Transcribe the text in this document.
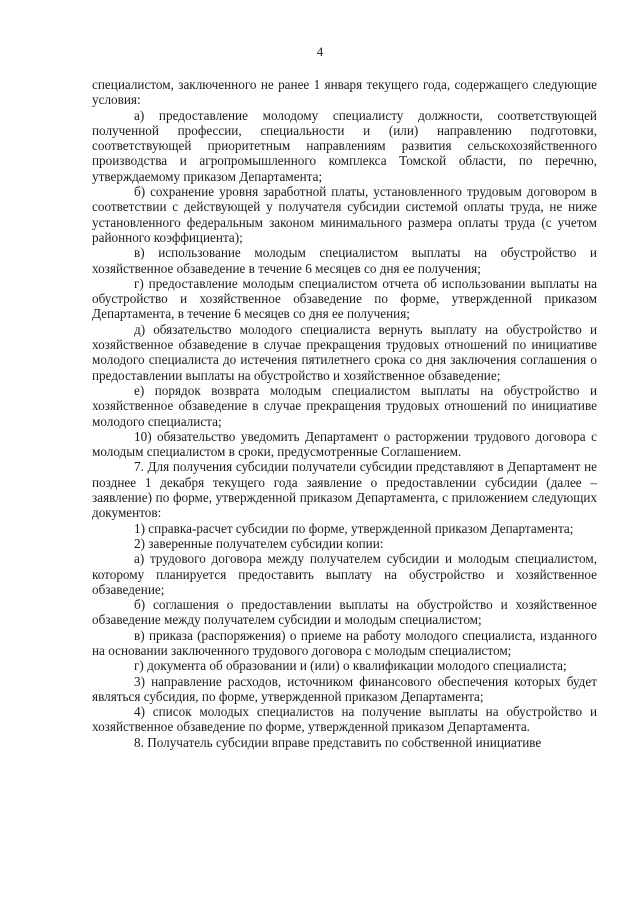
4

специалистом, заключенного не ранее 1 января текущего года, содержащего следующие условия:

а) предоставление молодому специалисту должности, соответствующей полученной профессии, специальности и (или) направлению подготовки, соответствующей приоритетным направлениям развития сельскохозяйственного производства и агропромышленного комплекса Томской области, по перечню, утверждаемому приказом Департамента;

б) сохранение уровня заработной платы, установленного трудовым договором в соответствии с действующей у получателя субсидии системой оплаты труда, не ниже установленного федеральным законом минимального размера оплаты труда (с учетом районного коэффициента);

в) использование молодым специалистом выплаты на обустройство и хозяйственное обзаведение в течение 6 месяцев со дня ее получения;

г) предоставление молодым специалистом отчета об использовании выплаты на обустройство и хозяйственное обзаведение по форме, утвержденной приказом Департамента, в течение 6 месяцев со дня ее получения;

д) обязательство молодого специалиста вернуть выплату на обустройство и хозяйственное обзаведение в случае прекращения трудовых отношений по инициативе молодого специалиста до истечения пятилетнего срока со дня заключения соглашения о предоставлении выплаты на обустройство и хозяйственное обзаведение;

е) порядок возврата молодым специалистом выплаты на обустройство и хозяйственное обзаведение в случае прекращения трудовых отношений по инициативе молодого специалиста;

10) обязательство уведомить Департамент о расторжении трудового договора с молодым специалистом в сроки, предусмотренные Соглашением.

7. Для получения субсидии получатели субсидии представляют в Департамент не позднее 1 декабря текущего года заявление о предоставлении субсидии (далее – заявление) по форме, утвержденной приказом Департамента, с приложением следующих документов:

1) справка-расчет субсидии по форме, утвержденной приказом Департамента;

2) заверенные получателем субсидии копии:

а) трудового договора между получателем субсидии и молодым специалистом, которому планируется предоставить выплату на обустройство и хозяйственное обзаведение;

б) соглашения о предоставлении выплаты на обустройство и хозяйственное обзаведение между получателем субсидии и молодым специалистом;

в) приказа (распоряжения) о приеме на работу молодого специалиста, изданного на основании заключенного трудового договора с молодым специалистом;

г) документа об образовании и (или) о квалификации молодого специалиста;

3) направление расходов, источником финансового обеспечения которых будет являться субсидия, по форме, утвержденной приказом Департамента;

4) список молодых специалистов на получение выплаты на обустройство и хозяйственное обзаведение по форме, утвержденной приказом Департамента.

8. Получатель субсидии вправе представить по собственной инициативе
